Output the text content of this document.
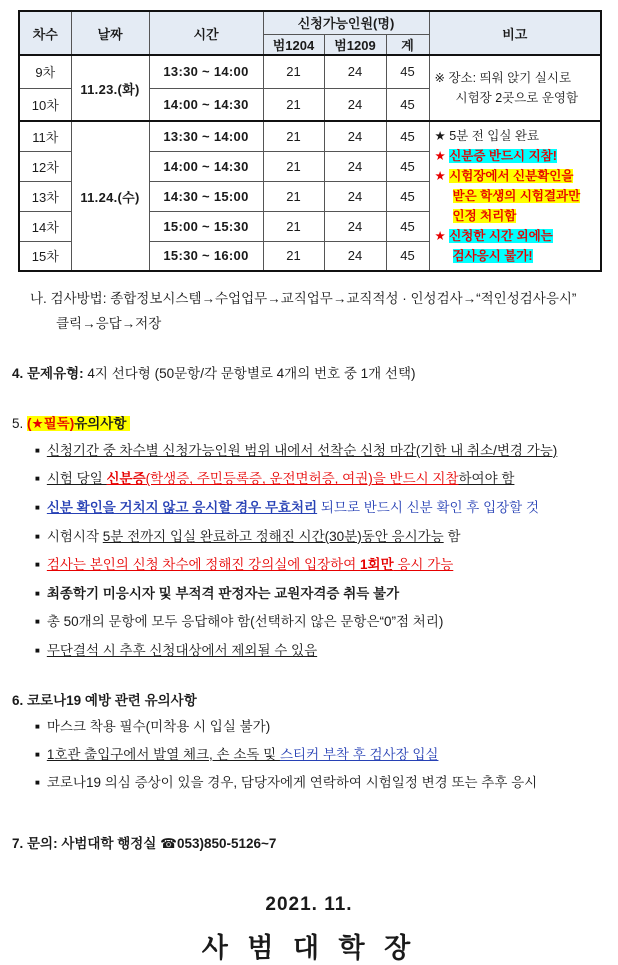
차수	날짜	시간	신청가능인원(명)			비고
			범1204	범1209	계	
9차	11.23.(화)	13:30 ~ 14:00	21	24	45	※ 장소: 띄워 앉기 실시로
시험장 2곳으로 운영함

10차		14:00 ~ 14:30	21	24	45	
11차	11.24.(수)	13:30 ~ 14:00	21	24	45	★ 5분 전 입실 완료
★ 신분증 반드시 지참!
★ 시험장에서 신분확인을
받은 학생의 시험결과만
인정 처리함
★ 신청한 시간 외에는
검사응시 불가!

12차		14:00 ~ 14:30	21	24	45	
13차		14:30 ~ 15:00	21	24	45	
14차		15:00 ~ 15:30	21	24	45	
15차		15:30 ~ 16:00	21	24	45	
나. 검사방법: 종합정보시스템→수업업무→교직업무→교직적성 · 인성검사→“적인성검사응시”
클릭→응답→저장
4. 문제유형: 4지 선다형 (50문항/각 문항별로 4개의 번호 중 1개 선택)
5. (★필독)유의사항
■ 신청기간 중 차수별 신청가능인원 범위 내에서 선착순 신청 마감(기한 내 취소/변경 가능)
■ 시험 당일 신분증(학생증, 주민등록증, 운전면허증, 여권)을 반드시 지참하여야 함
■ 신분 확인을 거치지 않고 응시할 경우 무효처리 되므로 반드시 신분 확인 후 입장할 것
■ 시험시작 5분 전까지 입실 완료하고 정해진 시간(30분)동안 응시가능 함
■ 검사는 본인의 신청 차수에 정해진 강의실에 입장하여 1회만 응시 가능
■ 최종학기 미응시자 및 부적격 판정자는 교원자격증 취득 불가
■ 총 50개의 문항에 모두 응답해야 함(선택하지 않은 문항은“0”점 처리)
■ 무단결석 시 추후 신청대상에서 제외될 수 있음
6. 코로나19 예방 관련 유의사항
■ 마스크 착용 필수(미착용 시 입실 불가)
■ 1호관 출입구에서 발열 체크, 손 소독 및 스티커 부착 후 검사장 입실
■ 코로나19 의심 증상이 있을 경우, 담당자에게 연락하여 시험일정 변경 또는 추후 응시
7. 문의: 사범대학 행정실 ☎053)850-5126~7
2021. 11.
사 범 대 학 장
